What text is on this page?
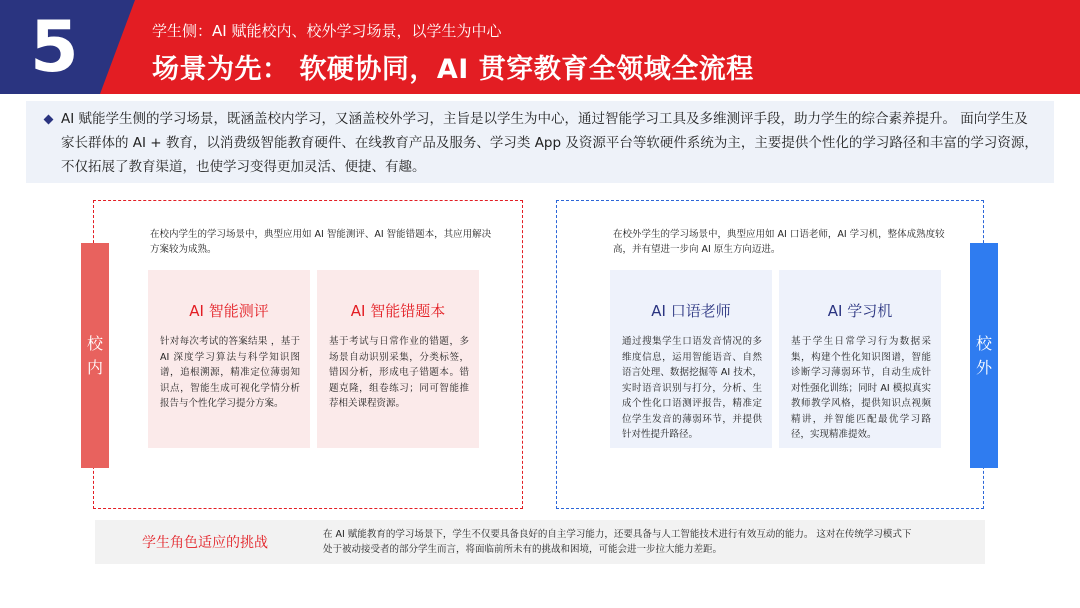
5	学生侧：AI 赋能校内、校外学习场景，以学生为中心
场景为先： 软硬协同，AI 贯穿教育全领域全流程
AI 赋能学生侧的学习场景，既涵盖校内学习，又涵盖校外学习，主旨是以学生为中心，通过智能学习工具及多维测评手段，助力学生的综合素养提升。 面向学生及家长群体的 AI + 教育，以消费级智能教育硬件、在线教育产品及服务、学习类 App 及资源平台等软硬件系统为主，主要提供个性化的学习路径和丰富的学习资源，不仅拓展了教育渠道，也使学习变得更加灵活、便捷、有趣。
在校内学生的学习场景中，典型应用如 AI 智能测评、AI 智能错题本，其应用解决方案较为成熟。
校
内
AI 智能测评
针对每次考试的答案结果 ，基于 AI 深度学习算法与科学知识图谱，追根溯源，精准定位薄弱知识点，智能生成可视化学情分析报告与个性化学习提分方案。
AI 智能错题本
基于考试与日常作业的错题，多场景自动识别采集，分类标签，错因分析，形成电子错题本。错题克隆，组卷练习；同可智能推荐相关课程资源。
在校外学生的学习场景中，典型应用如 AI 口语老师，AI 学习机，整体成熟度较高，并有望进一步向 AI 原生方向迈进。
校
外
AI 口语老师
通过搜集学生口语发音情况的多维度信息，运用智能语音、自然语言处理、数据挖掘等 AI 技术，实时语音识别与打分，分析、生成个性化口语测评报告，精准定位学生发音的薄弱环节，并提供针对性提升路径。
AI 学习机
基于学生日常学习行为数据采集，构建个性化知识图谱，智能诊断学习薄弱环节，自动生成针对性强化训练；同时 AI 模拟真实教师教学风格，提供知识点视频精讲，并智能匹配最优学习路径，实现精准提效。
学生角色适应的挑战
在 AI 赋能教育的学习场景下，学生不仅要具备良好的自主学习能力，还要具备与人工智能技术进行有效互动的能力。 这对在传统学习模式下处于被动接受者的部分学生而言，将面临前所未有的挑战和困境，可能会进一步拉大能力差距。
